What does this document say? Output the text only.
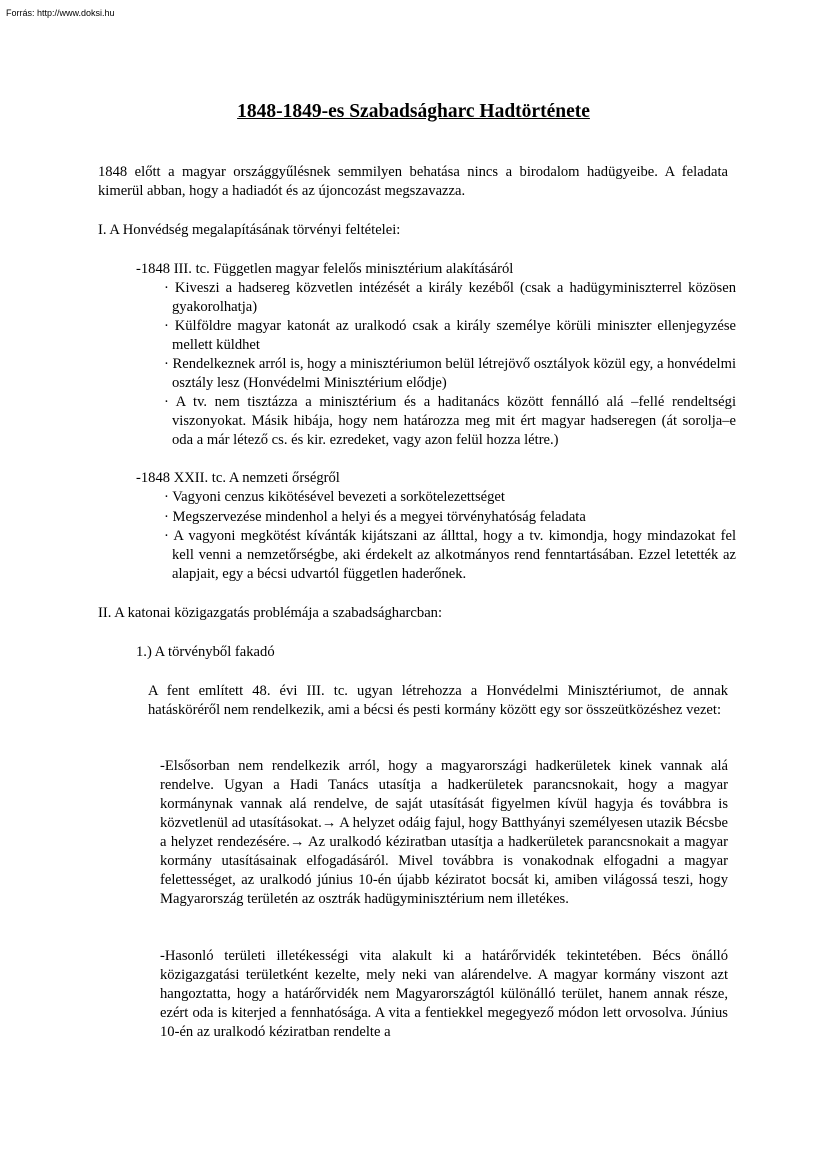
Forrás: http://www.doksi.hu
1848-1849-es Szabadságharc Hadtörténete

1848 előtt a magyar országgyűlésnek semmilyen behatása nincs a birodalom hadügyeibe. A feladata kimerül abban, hogy a hadiadót és az újoncozást megszavazza.

I. A Honvédség megalapításának törvényi feltételei:

-1848 III. tc. Független magyar felelős minisztérium alakításáról

· Kiveszi a hadsereg közvetlen intézését a király kezéből (csak a hadügyminiszterrel közösen gyakorolhatja)

· Külföldre magyar katonát az uralkodó csak a király személye körüli miniszter ellenjegyzése mellett küldhet

· Rendelkeznek arról is, hogy a minisztériumon belül létrejövő osztályok közül egy, a honvédelmi osztály lesz (Honvédelmi Minisztérium elődje)

· A tv. nem tisztázza a minisztérium és a haditanács között fennálló alá –fellé rendeltségi viszonyokat. Másik hibája, hogy nem határozza meg mit ért magyar hadseregen (át sorolja–e oda a már létező cs. és kir. ezredeket, vagy azon felül hozza létre.)

-1848 XXII. tc. A nemzeti őrségről

· Vagyoni cenzus kikötésével bevezeti a sorkötelezettséget

· Megszervezése mindenhol a helyi és a megyei törvényhatóság feladata

· A vagyoni megkötést kívánták kijátszani az állttal, hogy a tv. kimondja, hogy mindazokat fel kell venni a nemzetőrségbe, aki érdekelt az alkotmányos rend fenntartásában. Ezzel letették az alapjait, egy a bécsi udvartól független haderőnek.

II. A katonai közigazgatás problémája a szabadságharcban:

1.) A törvényből fakadó

A fent említett 48. évi III. tc. ugyan létrehozza a Honvédelmi Minisztériumot, de annak hatásköréről nem rendelkezik, ami a bécsi és pesti kormány között egy sor összeütközéshez vezet:

-Elsősorban nem rendelkezik arról, hogy a magyarországi hadkerületek kinek vannak alá rendelve. Ugyan a Hadi Tanács utasítja a hadkerületek parancsnokait, hogy a magyar kormánynak vannak alá rendelve, de saját utasítását figyelmen kívül hagyja és továbbra is közvetlenül ad utasításokat.→ A helyzet odáig fajul, hogy Batthyányi személyesen utazik Bécsbe a helyzet rendezésére.→ Az uralkodó kéziratban utasítja a hadkerületek parancsnokait a magyar kormány utasításainak elfogadásáról. Mivel továbbra is vonakodnak elfogadni a magyar felettességet, az uralkodó június 10-én újabb kéziratot bocsát ki, amiben világossá teszi, hogy Magyarország területén az osztrák hadügyminisztérium nem illetékes.

-Hasonló területi illetékességi vita alakult ki a határőrvidék tekintetében. Bécs önálló közigazgatási területként kezelte, mely neki van alárendelve. A magyar kormány viszont azt hangoztatta, hogy a határőrvidék nem Magyarországtól különálló terület, hanem annak része, ezért oda is kiterjed a fennhatósága. A vita a fentiekkel megegyező módon lett orvosolva. Június 10-én az uralkodó kéziratban rendelte a
